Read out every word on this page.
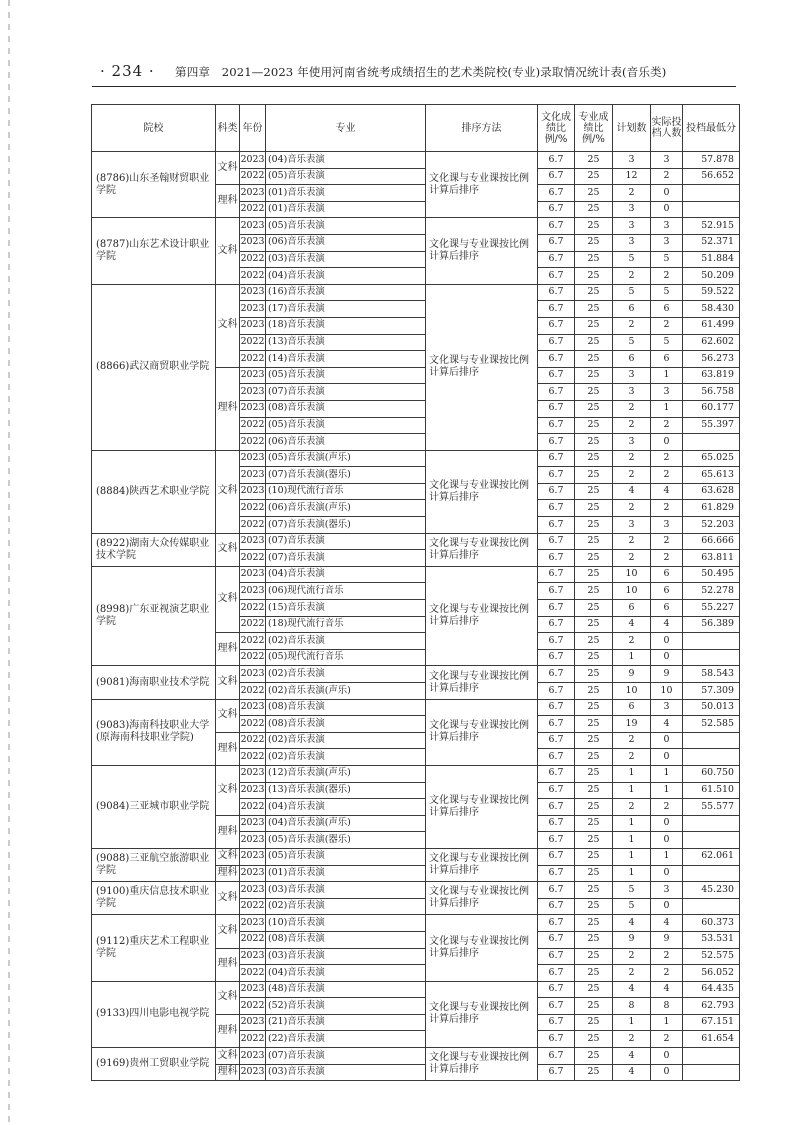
· 234 · 第四章　2021—2023 年使用河南省统考成绩招生的艺术类院校(专业)录取情况统计表(音乐类)
院校	科类	年份	专业	排序方法	文化成绩比例/%	专业成绩比例/%	计划数	实际投档人数	投档最低分
(8786)山东圣翰财贸职业学院	文科	2023	(04)音乐表演	文化课与专业课按比例计算后排序	6.7	25	3	3	57.878
		2022	(05)音乐表演		6.7	25	12	2	56.652
	理科	2023	(01)音乐表演		6.7	25	2	0	
		2022	(01)音乐表演		6.7	25	3	0	
(8787)山东艺术设计职业学院	文科	2023	(05)音乐表演	文化课与专业课按比例计算后排序	6.7	25	3	3	52.915
		2023	(06)音乐表演		6.7	25	3	3	52.371
		2022	(03)音乐表演		6.7	25	5	5	51.884
		2022	(04)音乐表演		6.7	25	2	2	50.209
(8866)武汉商贸职业学院	文科	2023	(16)音乐表演	文化课与专业课按比例计算后排序	6.7	25	5	5	59.522
		2023	(17)音乐表演		6.7	25	6	6	58.430
		2023	(18)音乐表演		6.7	25	2	2	61.499
		2022	(13)音乐表演		6.7	25	5	5	62.602
		2022	(14)音乐表演		6.7	25	6	6	56.273
	理科	2023	(05)音乐表演		6.7	25	3	1	63.819
		2023	(07)音乐表演		6.7	25	3	3	56.758
		2023	(08)音乐表演		6.7	25	2	1	60.177
		2022	(05)音乐表演		6.7	25	2	2	55.397
		2022	(06)音乐表演		6.7	25	3	0	
(8884)陕西艺术职业学院	文科	2023	(05)音乐表演(声乐)	文化课与专业课按比例计算后排序	6.7	25	2	2	65.025
		2023	(07)音乐表演(器乐)		6.7	25	2	2	65.613
		2023	(10)现代流行音乐		6.7	25	4	4	63.628
		2022	(06)音乐表演(声乐)		6.7	25	2	2	61.829
		2022	(07)音乐表演(器乐)		6.7	25	3	3	52.203
(8922)湖南大众传媒职业技术学院	文科	2023	(07)音乐表演	文化课与专业课按比例计算后排序	6.7	25	2	2	66.666
		2022	(07)音乐表演		6.7	25	2	2	63.811
(8998)广东亚视演艺职业学院	文科	2023	(04)音乐表演	文化课与专业课按比例计算后排序	6.7	25	10	6	50.495
		2023	(06)现代流行音乐		6.7	25	10	6	52.278
		2022	(15)音乐表演		6.7	25	6	6	55.227
		2022	(18)现代流行音乐		6.7	25	4	4	56.389
	理科	2022	(02)音乐表演		6.7	25	2	0	
		2022	(05)现代流行音乐		6.7	25	1	0	
(9081)海南职业技术学院	文科	2023	(02)音乐表演	文化课与专业课按比例计算后排序	6.7	25	9	9	58.543
		2022	(02)音乐表演(声乐)		6.7	25	10	10	57.309
(9083)海南科技职业大学(原海南科技职业学院)	文科	2023	(08)音乐表演	文化课与专业课按比例计算后排序	6.7	25	6	3	50.013
		2022	(08)音乐表演		6.7	25	19	4	52.585
	理科	2022	(02)音乐表演		6.7	25	2	0	
		2022	(02)音乐表演		6.7	25	2	0	
(9084)三亚城市职业学院	文科	2023	(12)音乐表演(声乐)	文化课与专业课按比例计算后排序	6.7	25	1	1	60.750
		2023	(13)音乐表演(器乐)		6.7	25	1	1	61.510
		2022	(04)音乐表演		6.7	25	2	2	55.577
	理科	2023	(04)音乐表演(声乐)		6.7	25	1	0	
		2023	(05)音乐表演(器乐)		6.7	25	1	0	
(9088)三亚航空旅游职业学院	文科	2023	(05)音乐表演	文化课与专业课按比例计算后排序	6.7	25	1	1	62.061
	理科	2023	(01)音乐表演		6.7	25	1	0	
(9100)重庆信息技术职业学院	文科	2023	(03)音乐表演	文化课与专业课按比例计算后排序	6.7	25	5	3	45.230
		2022	(02)音乐表演		6.7	25	5	0	
(9112)重庆艺术工程职业学院	文科	2023	(10)音乐表演	文化课与专业课按比例计算后排序	6.7	25	4	4	60.373
		2022	(08)音乐表演		6.7	25	9	9	53.531
	理科	2023	(03)音乐表演		6.7	25	2	2	52.575
		2022	(04)音乐表演		6.7	25	2	2	56.052
(9133)四川电影电视学院	文科	2023	(48)音乐表演	文化课与专业课按比例计算后排序	6.7	25	4	4	64.435
		2022	(52)音乐表演		6.7	25	8	8	62.793
	理科	2023	(21)音乐表演		6.7	25	1	1	67.151
		2022	(22)音乐表演		6.7	25	2	2	61.654
(9169)贵州工贸职业学院	文科	2023	(07)音乐表演	文化课与专业课按比例计算后排序	6.7	25	4	0	
	理科	2023	(03)音乐表演		6.7	25	4	0	
